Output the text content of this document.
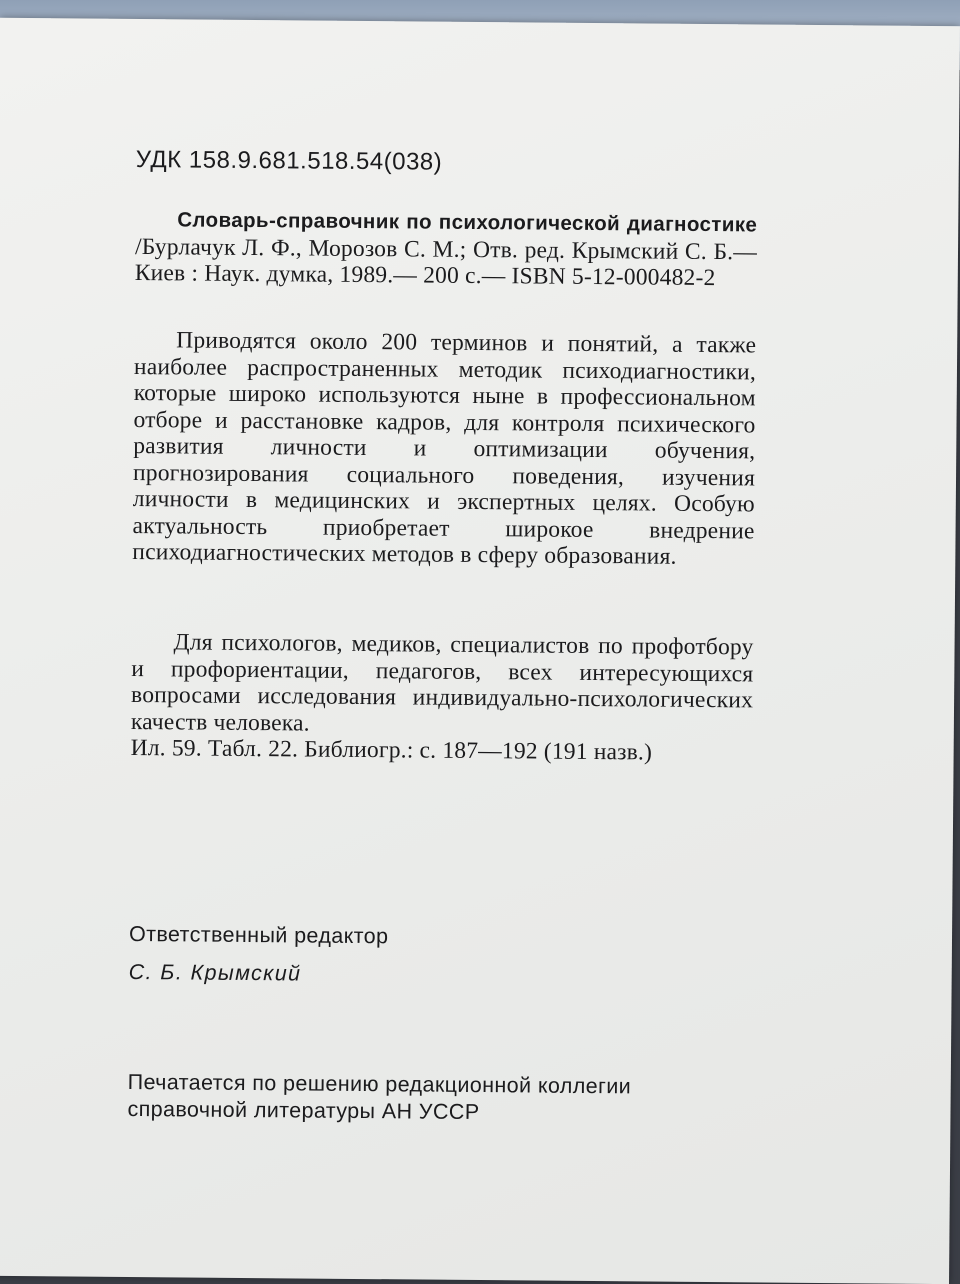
УДК 158.9.681.518.54(038)
Словарь-справочник по психологической диагностике /Бурлачук Л. Ф., Морозов С. М.; Отв. ред. Крымский С. Б.— Киев : Наук. думка, 1989.— 200 с.— ISBN 5-12-000482-2

Приводятся около 200 терминов и понятий, а также наиболее распространенных методик психодиагностики, которые широко используются ныне в профессиональном отборе и расстановке кадров, для контроля психического развития личности и оптимизации обучения, прогнозирования социального поведения, изучения личности в медицинских и экспертных целях. Особую актуальность приобретает широкое внедрение психодиагностических методов в сферу образования.

Для психологов, медиков, специалистов по профотбору и профориентации, педагогов, всех интересующихся вопросами исследования индивидуально-психологических качеств человека.

Ил. 59. Табл. 22. Библиогр.: с. 187—192 (191 назв.)
Ответственный редактор
С. Б. Крымский
Печатается по решению редакционной коллегии
справочной литературы АН УССР
